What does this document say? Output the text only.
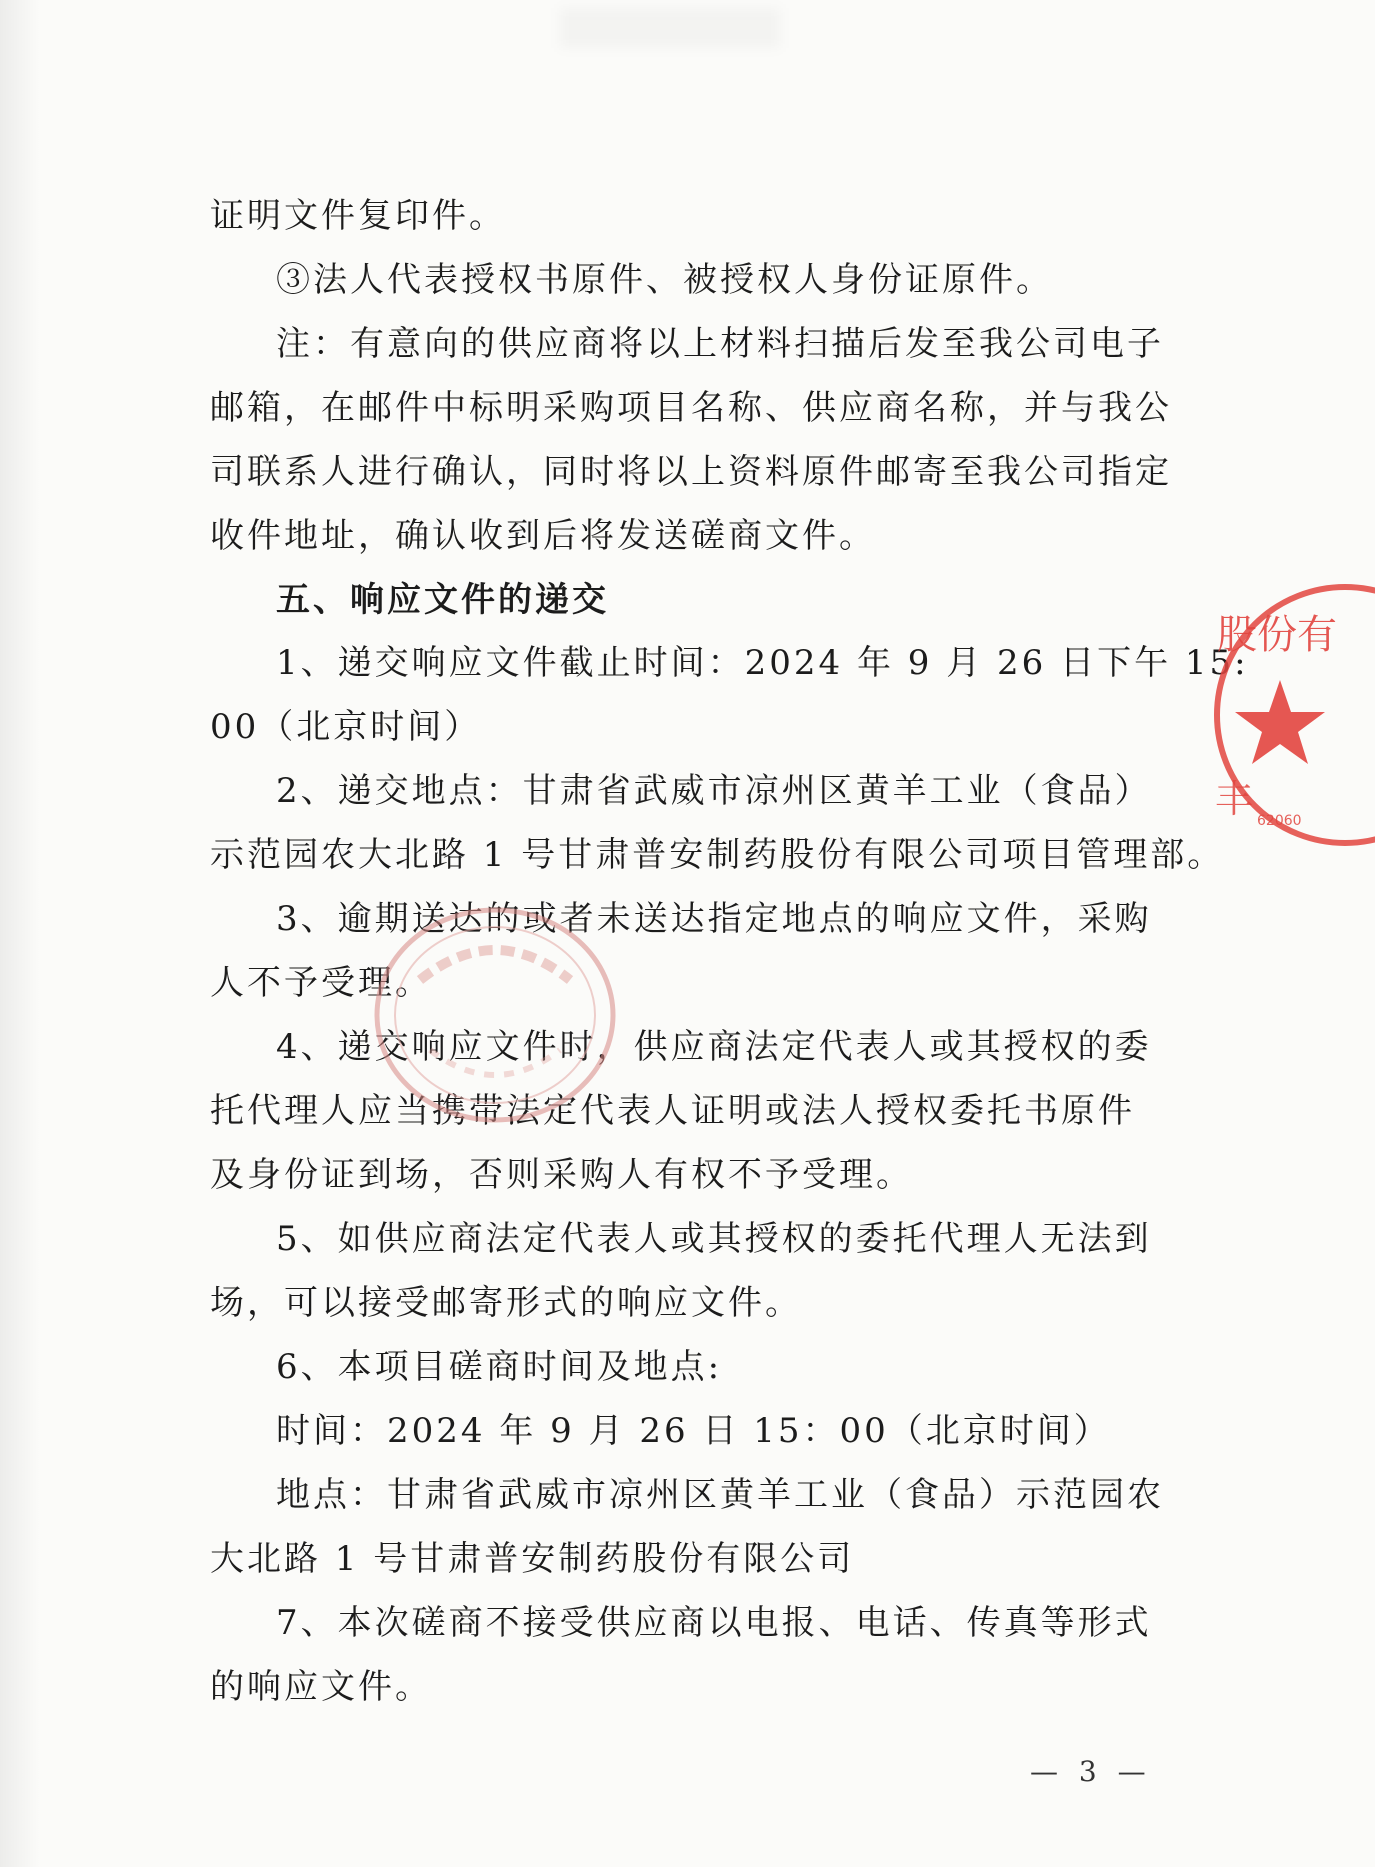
证明文件复印件。
③法人代表授权书原件、被授权人身份证原件。
注：有意向的供应商将以上材料扫描后发至我公司电子
邮箱，在邮件中标明采购项目名称、供应商名称，并与我公
司联系人进行确认，同时将以上资料原件邮寄至我公司指定
收件地址，确认收到后将发送磋商文件。
五、响应文件的递交
1、递交响应文件截止时间：2024 年 9 月 26 日下午 15:
00（北京时间）
2、递交地点：甘肃省武威市凉州区黄羊工业（食品）
示范园农大北路 1 号甘肃普安制药股份有限公司项目管理部。
3、逾期送达的或者未送达指定地点的响应文件，采购
人不予受理。
4、递交响应文件时，供应商法定代表人或其授权的委
托代理人应当携带法定代表人证明或法人授权委托书原件
及身份证到场，否则采购人有权不予受理。
5、如供应商法定代表人或其授权的委托代理人无法到
场，可以接受邮寄形式的响应文件。
6、本项目磋商时间及地点:
时间：2024 年 9 月 26 日 15：00（北京时间）
地点：甘肃省武威市凉州区黄羊工业（食品）示范园农
大北路 1 号甘肃普安制药股份有限公司
7、本次磋商不接受供应商以电报、电话、传真等形式
的响应文件。
— 3 —
股份有
丰 62060
